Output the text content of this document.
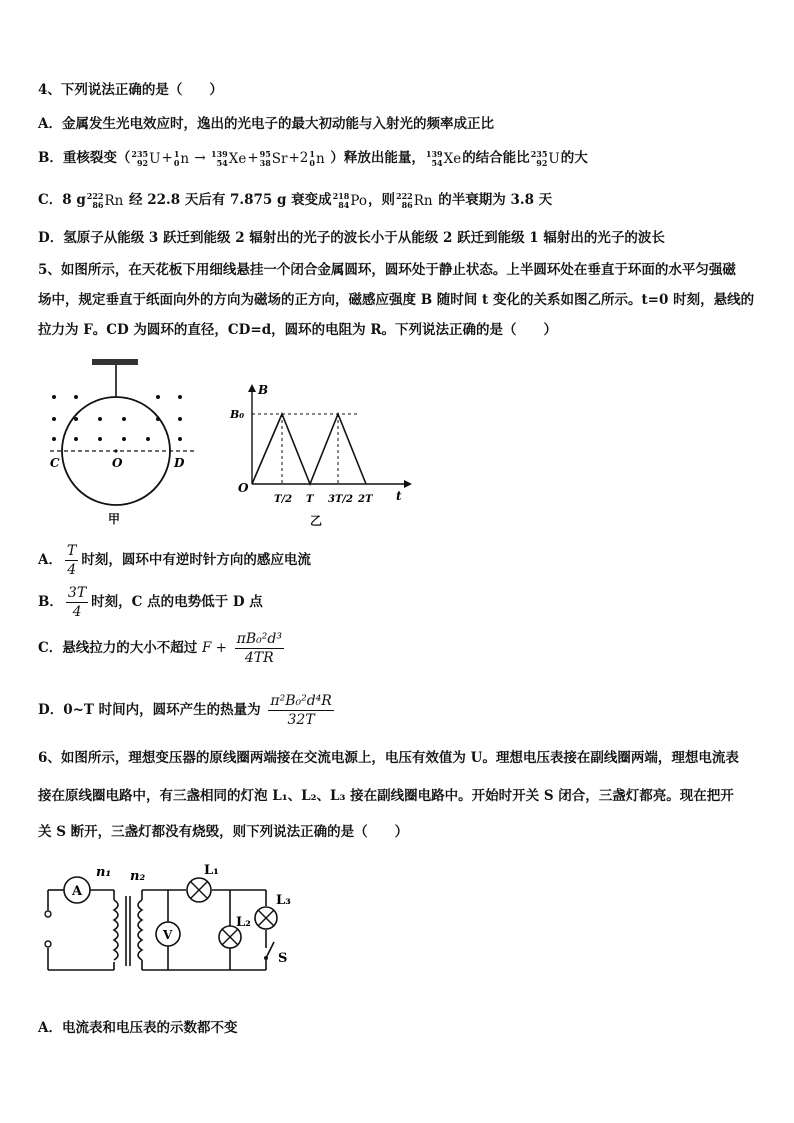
4、下列说法正确的是（　　）
A．金属发生光电效应时，逸出的光电子的最大初动能与入射光的频率成正比
B．重核裂变（ 235
92 U + 1
0 n → 139
54 Xe + 95
38 Sr +2 1
0 n ）释放出能量， 139
54 Xe 的结合能比 235
92 U 的大
C．8 g 222
86 Rn 经 22.8 天后有 7.875 g 衰变成 218
84 Po ，则 222
86 Rn 的半衰期为 3.8 天
D．氢原子从能级 3 跃迁到能级 2 辐射出的光子的波长小于从能级 2 跃迁到能级 1 辐射出的光子的波长
5、如图所示，在天花板下用细线悬挂一个闭合金属圆环，圆环处于静止状态。上半圆环处在垂直于环面的水平匀强磁
场中，规定垂直于纸面向外的方向为磁场的正方向，磁感应强度 B 随时间 t 变化的关系如图乙所示。t=0 时刻，悬线的
拉力为 F。CD 为圆环的直径，CD=d，圆环的电阻为 R。下列说法正确的是（　　）
C	O	D
甲
B
B₀
O
t
T/2 T 3T/2 2T
乙
A． $\frac{T}{4}$ 时刻，圆环中有逆时针方向的感应电流
B． $\frac{3T}{4}$ 时刻，C 点的电势低于 D 点
C．悬线拉力的大小不超过 $F + \frac{\text{πB₀²d³}}{4TR}$
D．0~T 时间内，圆环产生的热量为 $\frac{\text{π²B₀²d⁴R}}{32T}$
6、如图所示，理想变压器的原线圈两端接在交流电源上，电压有效值为 U。理想电压表接在副线圈两端，理想电流表
接在原线圈电路中，有三盏相同的灯泡 L₁、L₂、L₃ 接在副线圈电路中。开始时开关 S 闭合，三盏灯都亮。现在把开
关 S 断开，三盏灯都没有烧毁，则下列说法正确的是（　　）
A
V
n₁ n₂	L₁
L₂
L₃
S
A．电流表和电压表的示数都不变
